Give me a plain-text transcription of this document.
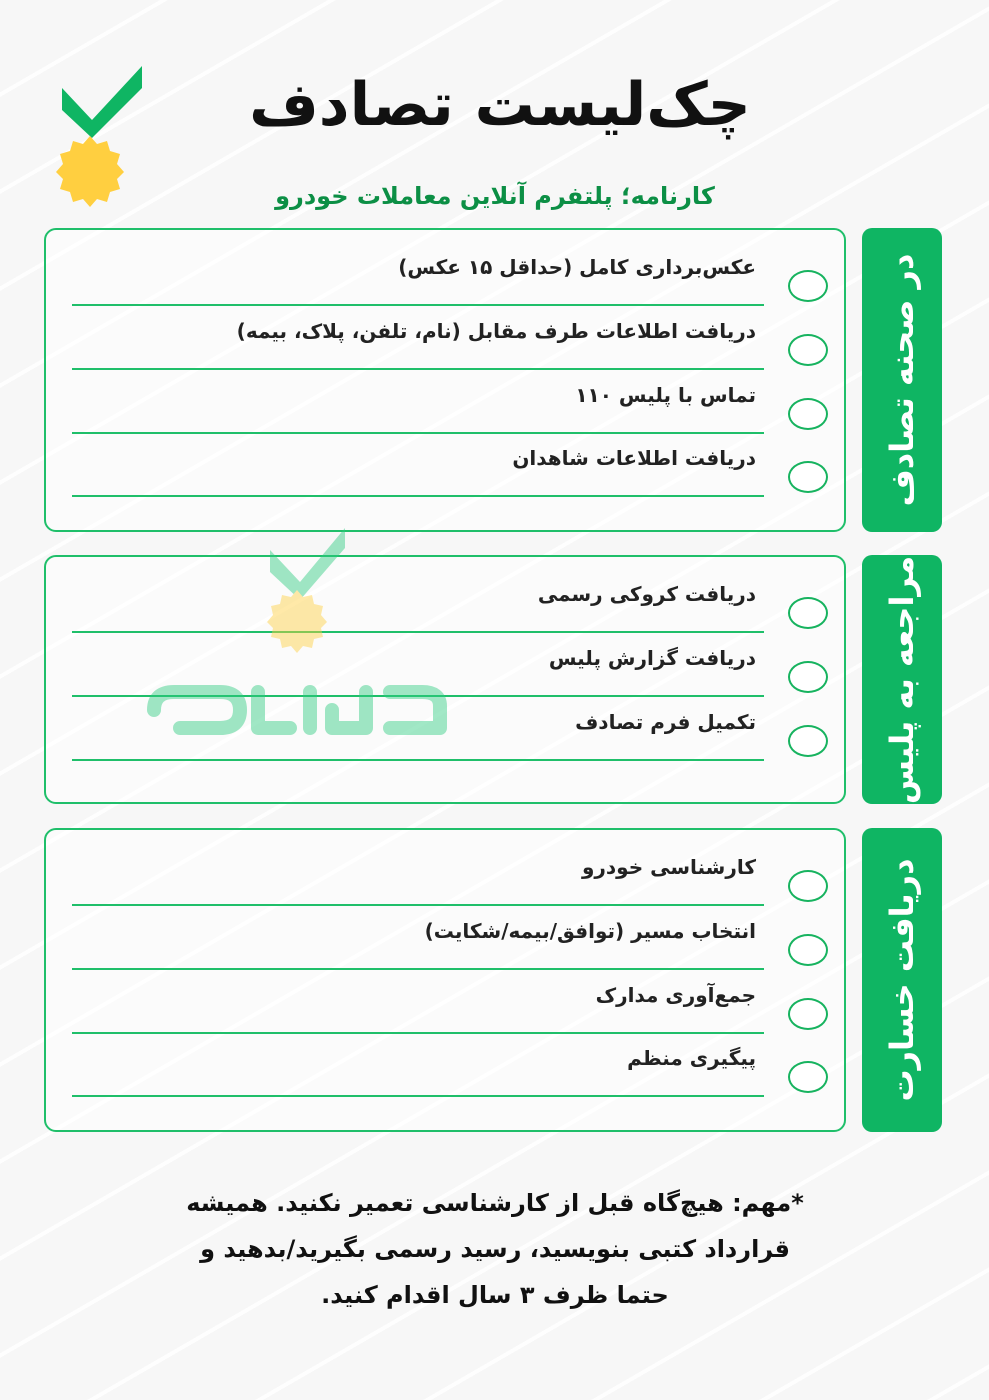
چک‌لیست تصادف
کارنامه؛ پلتفرم آنلاین معاملات خودرو
در صحنه تصادف
عکس‌برداری کامل (حداقل ۱۵ عکس)
دریافت اطلاعات طرف مقابل (نام، تلفن، پلاک، بیمه)
تماس با پلیس ۱۱۰
دریافت اطلاعات شاهدان
مراجعه به پلیس
دریافت کروکی رسمی
دریافت گزارش پلیس
تکمیل فرم تصادف
دریافت خسارت
کارشناسی خودرو
انتخاب مسیر (توافق/بیمه/شکایت)
جمع‌آوری مدارک
پیگیری منظم
*مهم: هیچ‌گاه قبل از کارشناسی تعمیر نکنید. همیشه
قرارداد کتبی بنویسید، رسید رسمی بگیرید/بدهید و
حتما ظرف ۳ سال اقدام کنید.
